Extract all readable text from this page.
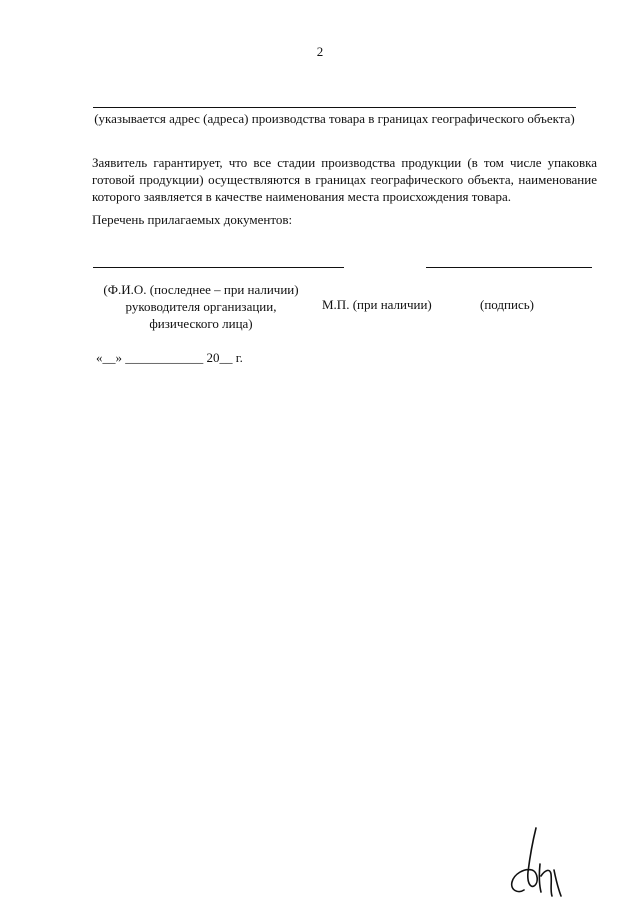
2
(указывается адрес (адреса) производства товара в границах географического объекта)
Заявитель гарантирует, что все стадии производства продукции (в том числе упаковка готовой продукции) осуществляются в границах географического объекта, наименование которого заявляется в качестве наименования места происхождения товара.
Перечень прилагаемых документов:
(Ф.И.О. (последнее – при наличии) руководителя организации, физического лица)
М.П. (при наличии)	(подпись)
«__» ____________ 20__ г.
